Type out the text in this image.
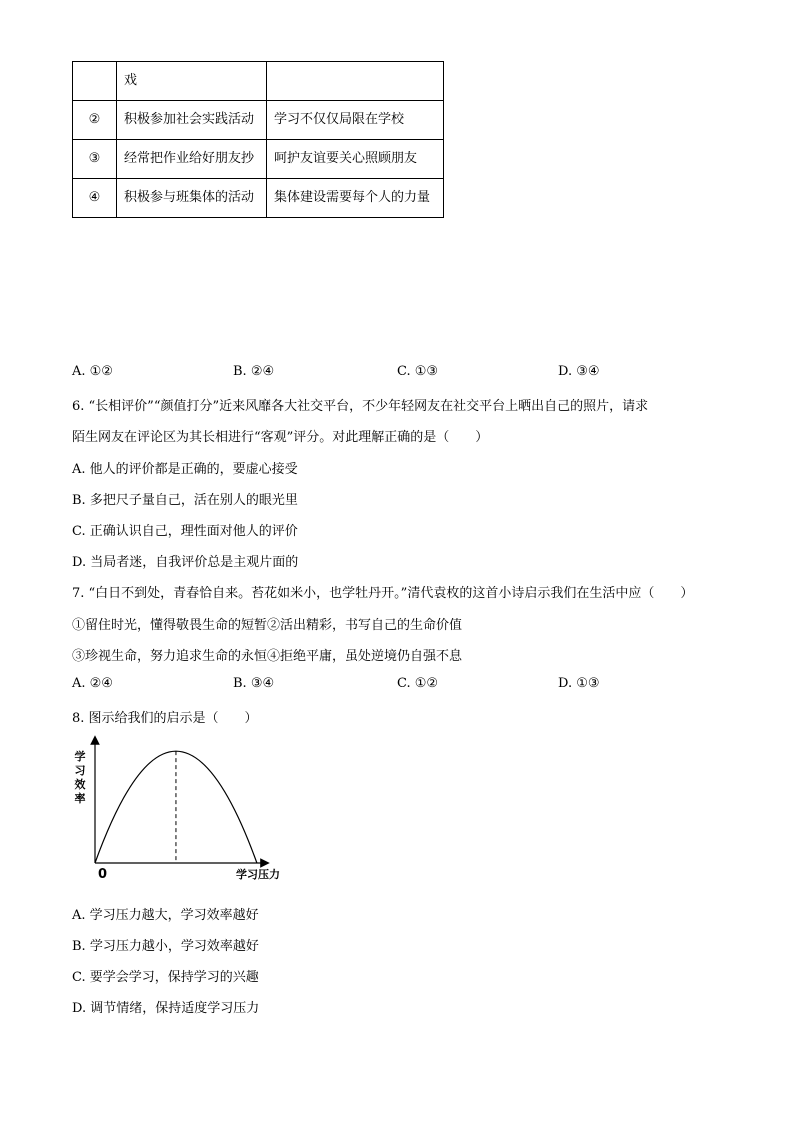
	戏	
②	积极参加社会实践活动	学习不仅仅局限在学校
③	经常把作业给好朋友抄	呵护友谊要关心照顾朋友
④	积极参与班集体的活动	集体建设需要每个人的力量
A. ①②	B. ②④	C. ①③	D. ③④
6. “长相评价”“颜值打分”近来风靡各大社交平台，不少年轻网友在社交平台上晒出自己的照片，请求
陌生网友在评论区为其长相进行“客观”评分。对此理解正确的是（　　）
A. 他人的评价都是正确的，要虚心接受
B. 多把尺子量自己，活在别人的眼光里
C. 正确认识自己，理性面对他人的评价
D. 当局者迷，自我评价总是主观片面的
7. “白日不到处，青春恰自来。苔花如米小，也学牡丹开。”清代袁枚的这首小诗启示我们在生活中应（　　）
①留住时光，懂得敬畏生命的短暂②活出精彩，书写自己的生命价值
③珍视生命，努力追求生命的永恒④拒绝平庸，虽处逆境仍自强不息
A. ②④	B. ③④	C. ①②	D. ①③
8. 图示给我们的启示是（　　）
学
习
效
率
0	学习压力
A. 学习压力越大，学习效率越好
B. 学习压力越小，学习效率越好
C. 要学会学习，保持学习的兴趣
D. 调节情绪，保持适度学习压力
